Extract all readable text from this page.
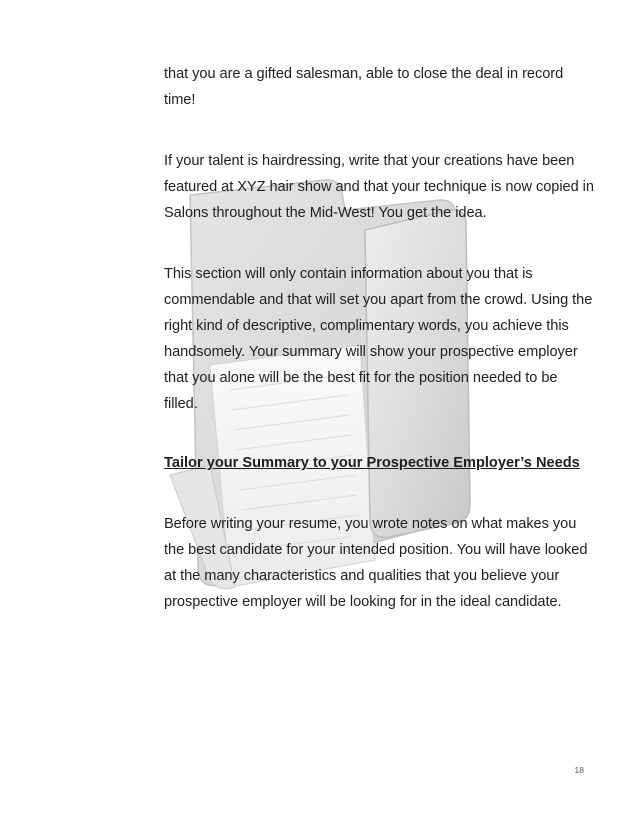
that you are a gifted salesman, able to close the deal in record time!

If your talent is hairdressing, write that your creations have been featured at XYZ hair show and that your technique is now copied in Salons throughout the Mid-West! You get the idea.

This section will only contain information about you that is commendable and that will set you apart from the crowd. Using the right kind of descriptive, complimentary words, you achieve this handsomely. Your summary will show your prospective employer that you alone will be the best fit for the position needed to be filled.

Tailor your Summary to your Prospective Employer’s Needs

Before writing your resume, you wrote notes on what makes you the best candidate for your intended position. You will have looked at the many characteristics and qualities that you believe your prospective employer will be looking for in the ideal candidate.

18
